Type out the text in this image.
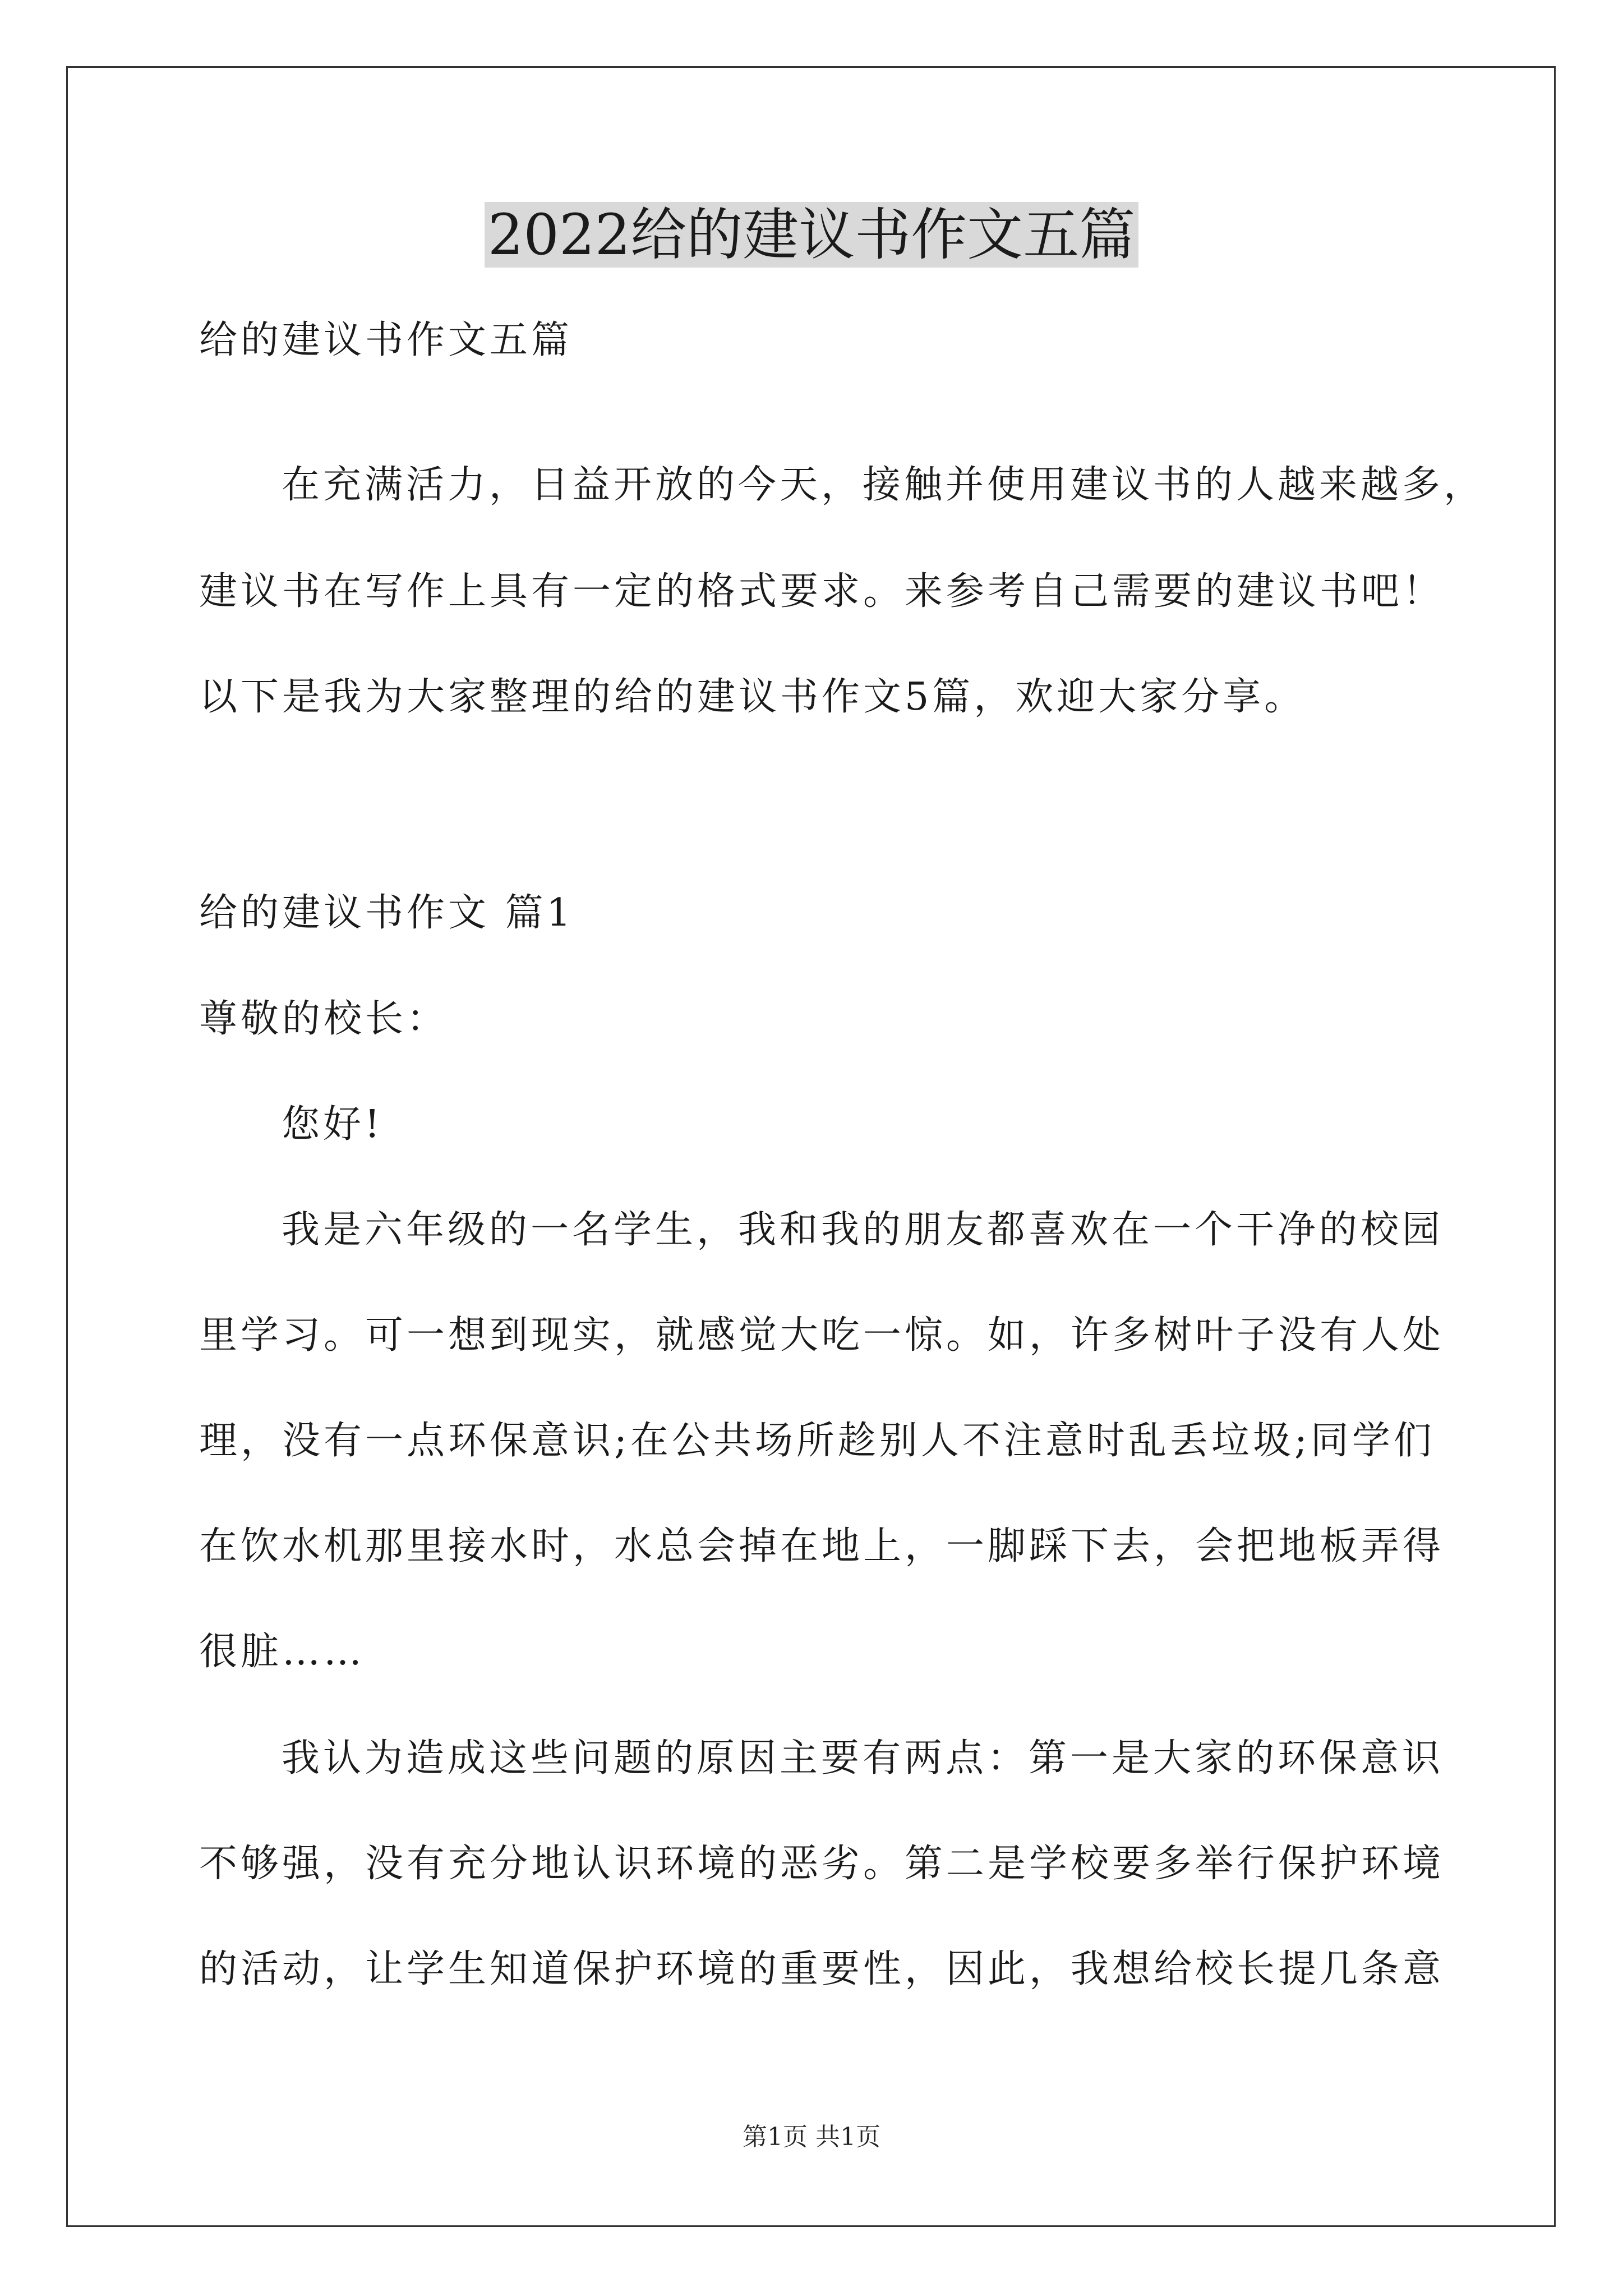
2022给的建议书作文五篇
给的建议书作文五篇
在充满活力，日益开放的今天，接触并使用建议书的人越来越多，
建议书在写作上具有一定的格式要求。来参考自己需要的建议书吧！
以下是我为大家整理的给的建议书作文5篇，欢迎大家分享。
给的建议书作文 篇1
尊敬的校长：
您好!
我是六年级的一名学生，我和我的朋友都喜欢在一个干净的校园
里学习。可一想到现实，就感觉大吃一惊。如，许多树叶子没有人处
理，没有一点环保意识;在公共场所趁别人不注意时乱丢垃圾;同学们
在饮水机那里接水时，水总会掉在地上，一脚踩下去，会把地板弄得
很脏……
我认为造成这些问题的原因主要有两点：第一是大家的环保意识
不够强，没有充分地认识环境的恶劣。第二是学校要多举行保护环境
的活动，让学生知道保护环境的重要性，因此，我想给校长提几条意
第1页 共1页
